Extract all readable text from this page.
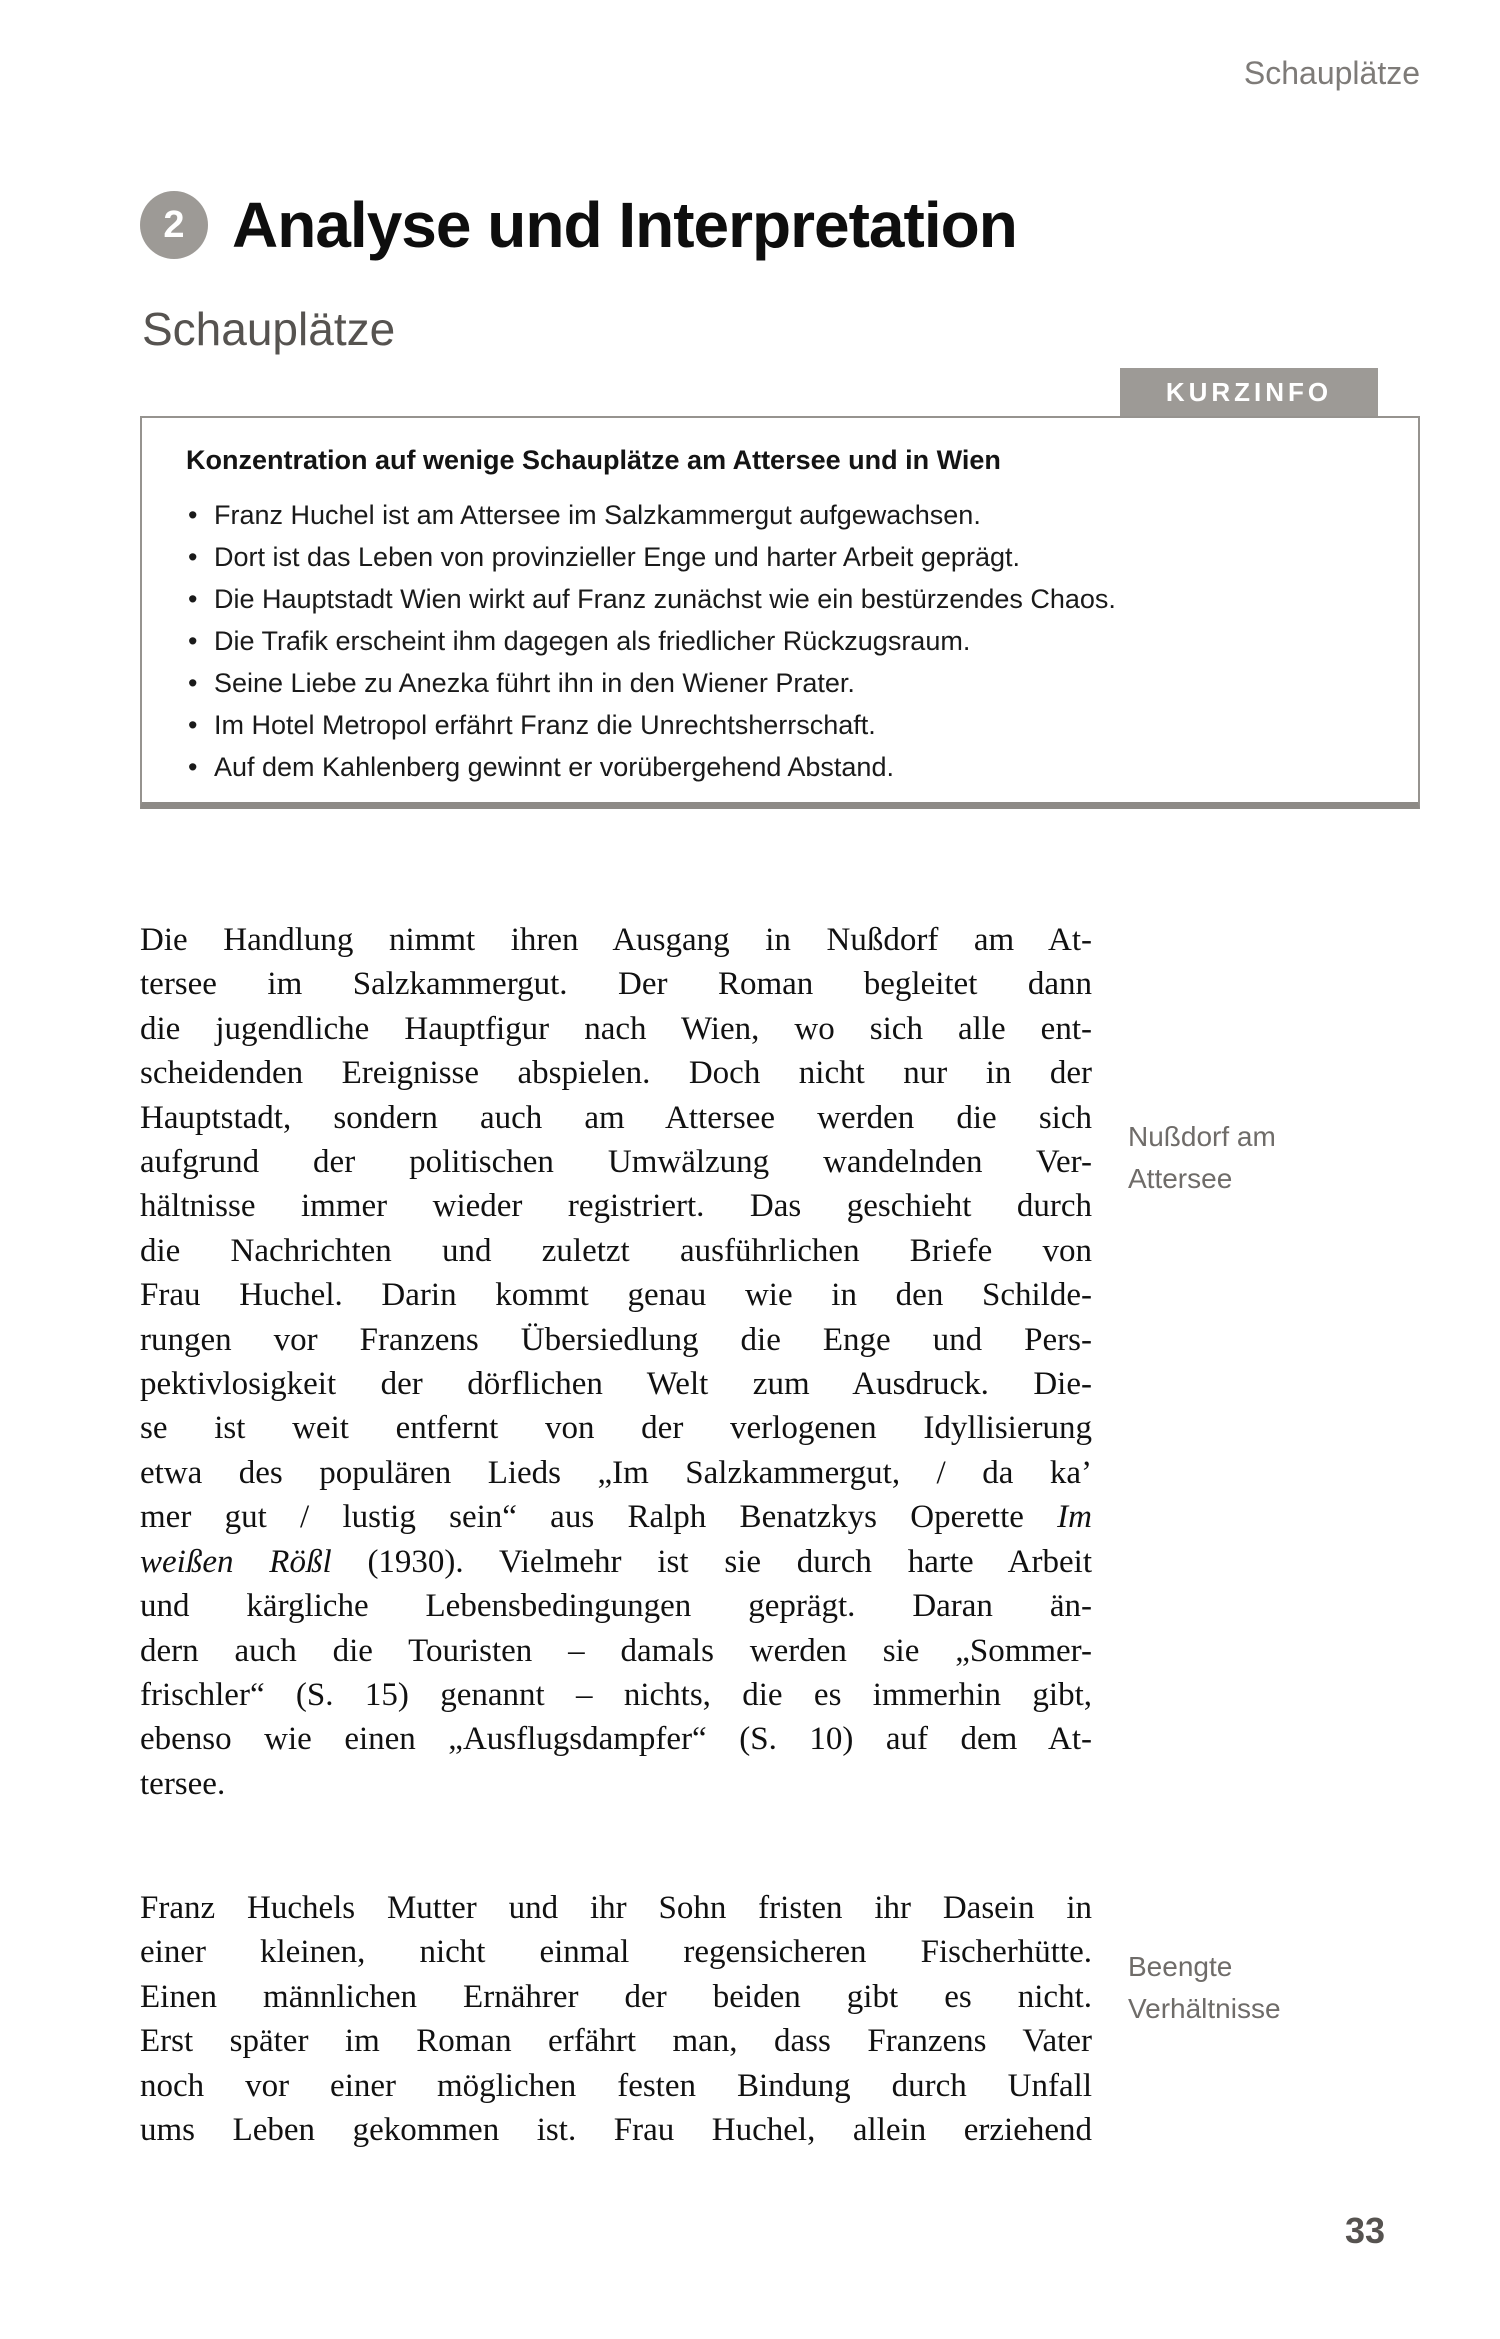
Schauplätze
2 Analyse und Interpretation
Schauplätze
KURZINFO

Konzentration auf wenige Schauplätze am Attersee und in Wien

• Franz Huchel ist am Attersee im Salzkammergut aufgewachsen.
• Dort ist das Leben von provinzieller Enge und harter Arbeit geprägt.
• Die Hauptstadt Wien wirkt auf Franz zunächst wie ein bestürzendes Chaos.
• Die Trafik erscheint ihm dagegen als friedlicher Rückzugsraum.
• Seine Liebe zu Anezka führt ihn in den Wiener Prater.
• Im Hotel Metropol erfährt Franz die Unrechtsherrschaft.
• Auf dem Kahlenberg gewinnt er vorübergehend Abstand.
Die Handlung nimmt ihren Ausgang in Nußdorf am At-
tersee im Salzkammergut. Der Roman begleitet dann
die jugendliche Hauptfigur nach Wien, wo sich alle ent-
scheidenden Ereignisse abspielen. Doch nicht nur in der
Hauptstadt, sondern auch am Attersee werden die sich
aufgrund der politischen Umwälzung wandelnden Ver-
hältnisse immer wieder registriert. Das geschieht durch
die Nachrichten und zuletzt ausführlichen Briefe von
Frau Huchel. Darin kommt genau wie in den Schilde-
rungen vor Franzens Übersiedlung die Enge und Pers-
pektivlosigkeit der dörflichen Welt zum Ausdruck. Die-
se ist weit entfernt von der verlogenen Idyllisierung
etwa des populären Lieds „Im Salzkammergut, / da ka’
mer gut / lustig sein“ aus Ralph Benatzkys Operette Im
weißen Rößl (1930). Vielmehr ist sie durch harte Arbeit
und kärgliche Lebensbedingungen geprägt. Daran än-
dern auch die Touristen – damals werden sie „Sommer-
frischler“ (S. 15) genannt – nichts, die es immerhin gibt,
ebenso wie einen „Ausflugsdampfer“ (S. 10) auf dem At-
tersee.
Franz Huchels Mutter und ihr Sohn fristen ihr Dasein in
einer kleinen, nicht einmal regensicheren Fischerhütte.
Einen männlichen Ernährer der beiden gibt es nicht.
Erst später im Roman erfährt man, dass Franzens Vater
noch vor einer möglichen festen Bindung durch Unfall
ums Leben gekommen ist. Frau Huchel, allein erziehend
Nußdorf am Attersee
Beengte Verhältnisse
33
